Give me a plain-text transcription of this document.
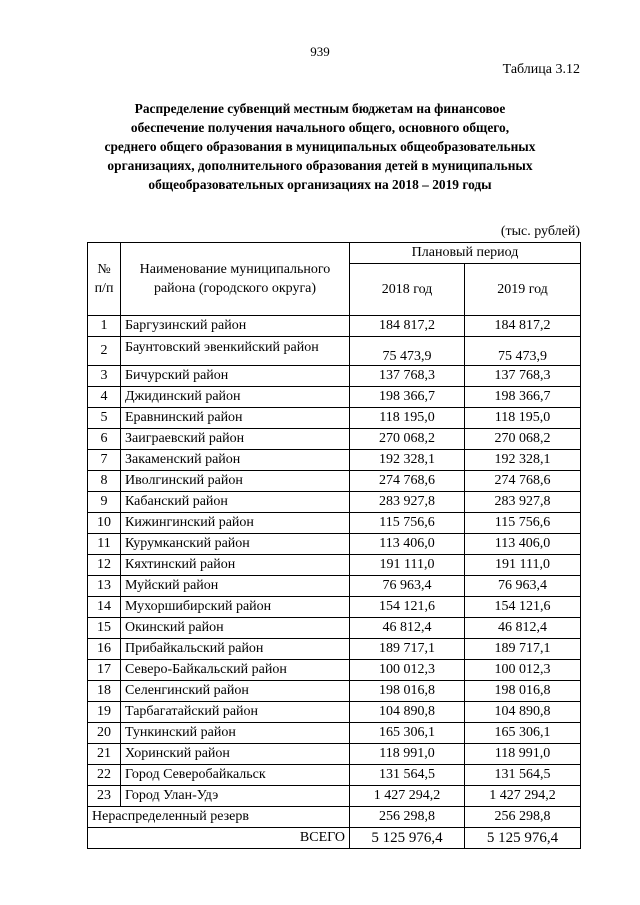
939
Таблица 3.12
Распределение субвенций местным бюджетам на финансовое
обеспечение получения начального общего, основного общего,
среднего общего образования в муниципальных общеобразовательных
организациях, дополнительного образования детей в муниципальных
общеобразовательных организациях на 2018 – 2019 годы
(тыс. рублей)
№ п/п	Наименование муниципального района (городского округа)	Плановый период	
		2018 год	2019 год
1	Баргузинский район	184 817,2	184 817,2
2	Баунтовский эвенкийский район	75 473,9	75 473,9
3	Бичурский район	137 768,3	137 768,3
4	Джидинский район	198 366,7	198 366,7
5	Еравнинский район	118 195,0	118 195,0
6	Заиграевский район	270 068,2	270 068,2
7	Закаменский район	192 328,1	192 328,1
8	Иволгинский район	274 768,6	274 768,6
9	Кабанский район	283 927,8	283 927,8
10	Кижингинский район	115 756,6	115 756,6
11	Курумканский район	113 406,0	113 406,0
12	Кяхтинский район	191 111,0	191 111,0
13	Муйский район	76 963,4	76 963,4
14	Мухоршибирский район	154 121,6	154 121,6
15	Окинский район	46 812,4	46 812,4
16	Прибайкальский район	189 717,1	189 717,1
17	Северо-Байкальский район	100 012,3	100 012,3
18	Селенгинский район	198 016,8	198 016,8
19	Тарбагатайский район	104 890,8	104 890,8
20	Тункинский район	165 306,1	165 306,1
21	Хоринский район	118 991,0	118 991,0
22	Город Северобайкальск	131 564,5	131 564,5
23	Город Улан-Удэ	1 427 294,2	1 427 294,2
Нераспределенный резерв		256 298,8	256 298,8
ВСЕГО		5 125 976,4	5 125 976,4
